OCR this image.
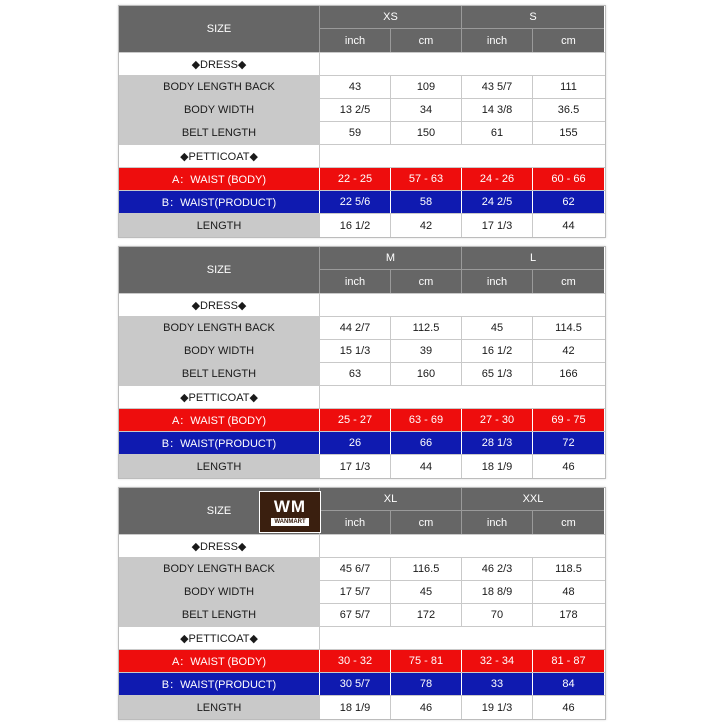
SIZE
XS	S
inch	cm	inch	cm
◆DRESS◆
BODY LENGTH BACK	43	109	43 5/7	111
BODY WIDTH	13 2/5	34	14 3/8	36.5
BELT LENGTH	59	150	61	155
◆PETTICOAT◆
A：WAIST (BODY)	22 - 25	57 - 63	24 - 26	60 - 66
B：WAIST(PRODUCT)	22 5/6	58	24 2/5	62
LENGTH	16 1/2	42	17 1/3	44
SIZE
M	L
inch	cm	inch	cm
◆DRESS◆
BODY LENGTH BACK	44 2/7	112.5	45	114.5
BODY WIDTH	15 1/3	39	16 1/2	42
BELT LENGTH	63	160	65 1/3	166
◆PETTICOAT◆
A：WAIST (BODY)	25 - 27	63 - 69	27 - 30	69 - 75
B：WAIST(PRODUCT)	26	66	28 1/3	72
LENGTH	17 1/3	44	18 1/9	46
SIZE	WM
WANMART
XL	XXL
inch	cm	inch	cm
◆DRESS◆
BODY LENGTH BACK	45 6/7	116.5	46 2/3	118.5
BODY WIDTH	17 5/7	45	18 8/9	48
BELT LENGTH	67 5/7	172	70	178
◆PETTICOAT◆
A：WAIST (BODY)	30 - 32	75 - 81	32 - 34	81 - 87
B：WAIST(PRODUCT)	30 5/7	78	33	84
LENGTH	18 1/9	46	19 1/3	46
